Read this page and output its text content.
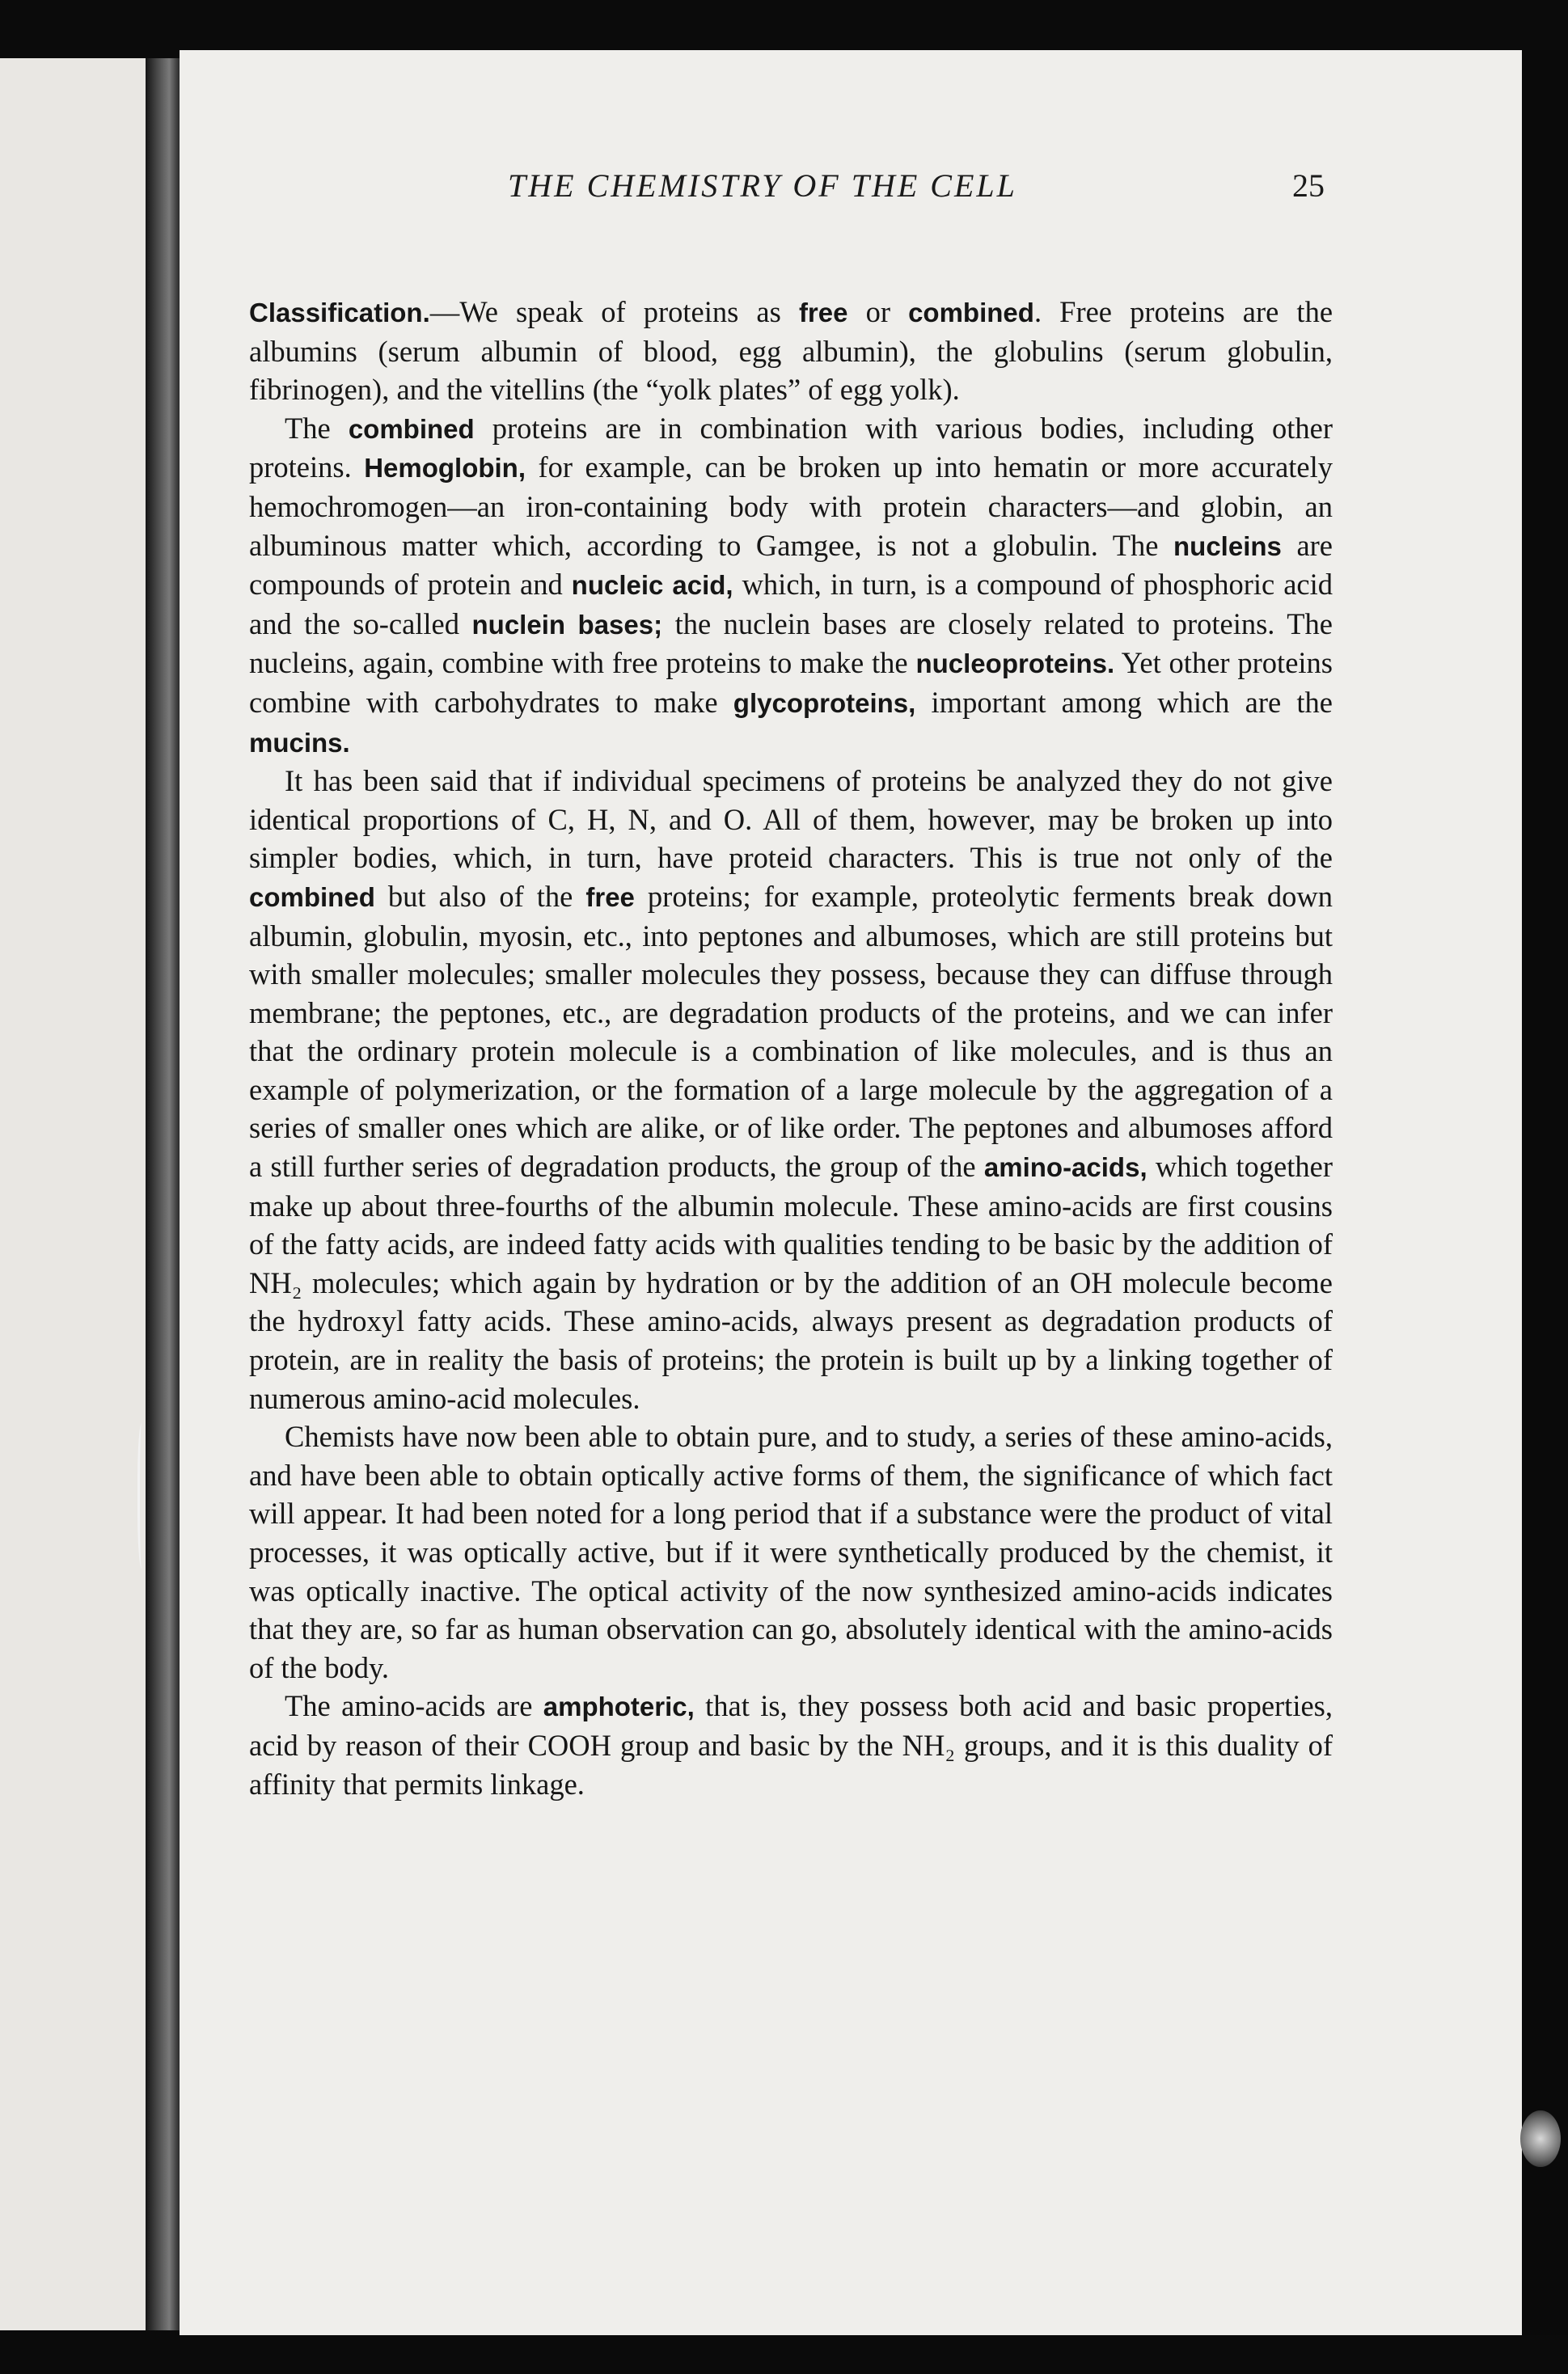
THE CHEMISTRY OF THE CELL	25

Classification.—We speak of proteins as free or combined. Free proteins are the albumins (serum albumin of blood, egg albumin), the globulins (serum globulin, fibrinogen), and the vitellins (the “yolk plates” of egg yolk).

The combined proteins are in combination with various bodies, including other proteins. Hemoglobin, for example, can be broken up into hematin or more accurately hemochromogen—an iron-containing body with protein characters—and globin, an albuminous matter which, according to Gamgee, is not a globulin. The nucleins are compounds of protein and nucleic acid, which, in turn, is a compound of phosphoric acid and the so-called nuclein bases; the nuclein bases are closely related to proteins. The nucleins, again, combine with free proteins to make the nucleoproteins. Yet other proteins combine with carbohydrates to make glycoproteins, important among which are the mucins.

It has been said that if individual specimens of proteins be analyzed they do not give identical proportions of C, H, N, and O. All of them, however, may be broken up into simpler bodies, which, in turn, have proteid characters. This is true not only of the combined but also of the free proteins; for example, proteolytic ferments break down albumin, globulin, myosin, etc., into peptones and albumoses, which are still proteins but with smaller molecules; smaller molecules they possess, because they can diffuse through membrane; the peptones, etc., are degradation products of the proteins, and we can infer that the ordinary protein molecule is a combination of like molecules, and is thus an example of polymerization, or the formation of a large molecule by the aggregation of a series of smaller ones which are alike, or of like order. The peptones and albumoses afford a still further series of degradation products, the group of the amino-acids, which together make up about three-fourths of the albumin molecule. These amino-acids are first cousins of the fatty acids, are indeed fatty acids with qualities tending to be basic by the addition of NH₂ molecules; which again by hydration or by the addition of an OH molecule become the hydroxyl fatty acids. These amino-acids, always present as degradation products of protein, are in reality the basis of proteins; the protein is built up by a linking together of numerous amino-acid molecules.

Chemists have now been able to obtain pure, and to study, a series of these amino-acids, and have been able to obtain optically active forms of them, the significance of which fact will appear. It had been noted for a long period that if a substance were the product of vital processes, it was optically active, but if it were synthetically produced by the chemist, it was optically inactive. The optical activity of the now synthesized amino-acids indicates that they are, so far as human observation can go, absolutely identical with the amino-acids of the body.

The amino-acids are amphoteric, that is, they possess both acid and basic properties, acid by reason of their COOH group and basic by the NH₂ groups, and it is this duality of affinity that permits linkage.
